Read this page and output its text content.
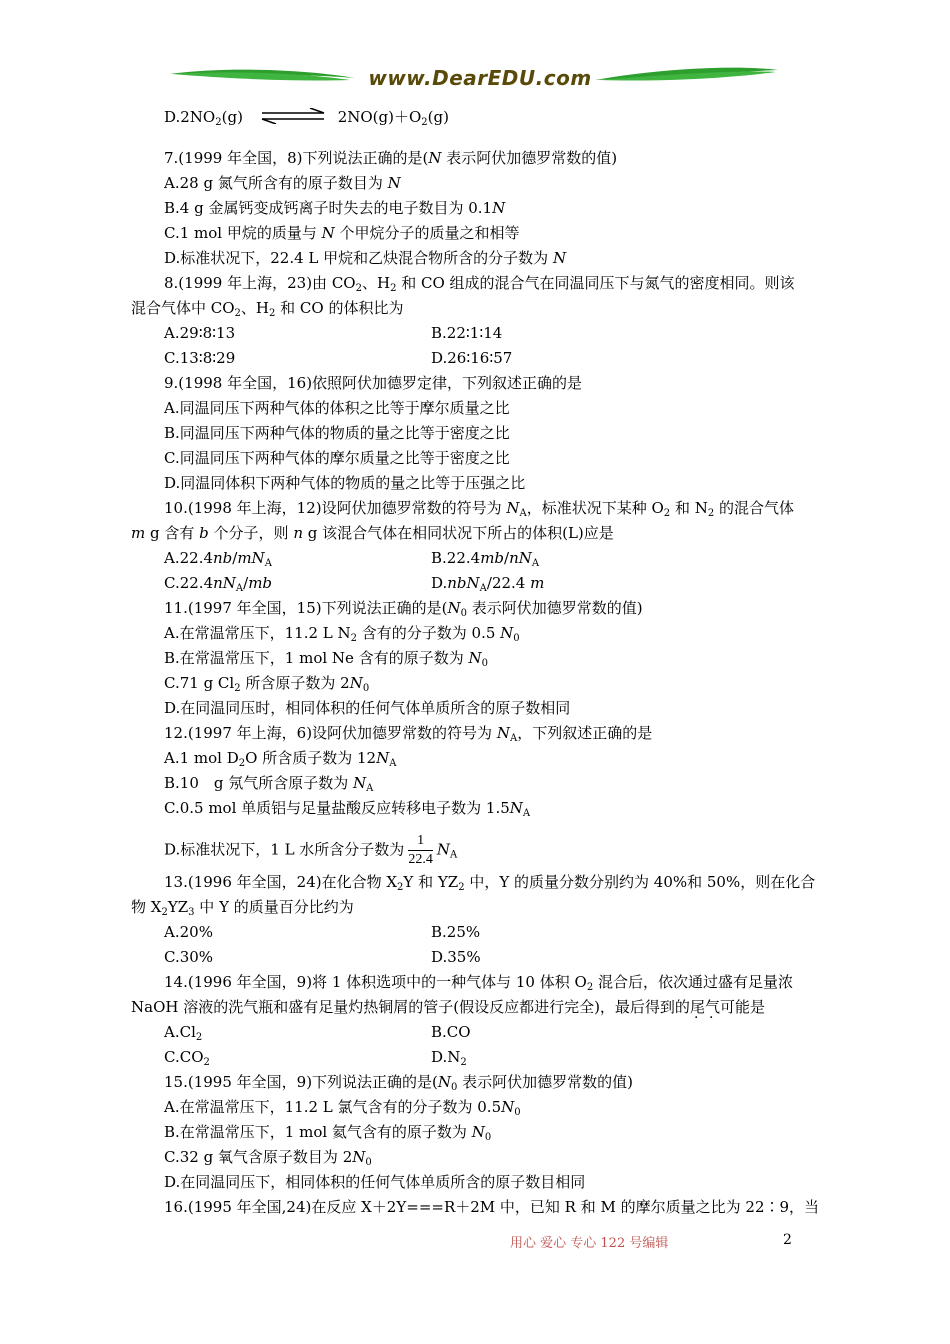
www.DearEDU.com
$D.2NO_2(g)$	$2NO(g)+O_2(g)$
7.(1999 年全国，8)下列说法正确的是(N 表示阿伏加德罗常数的值)
A.28 g 氮气所含有的原子数目为 N
B.4 g 金属钙变成钙离子时失去的电子数目为 0.1N
C.1 mol 甲烷的质量与 N 个甲烷分子的质量之和相等
D.标准状况下，22.4 L 甲烷和乙炔混合物所含的分子数为 N
8.(1999 年上海，23)由 $CO_2$、$H_2$ 和 CO 组成的混合气在同温同压下与氮气的密度相同。则该
混合气体中 $CO_2$、$H_2$ 和 CO 的体积比为
A.29∶8∶13	B.22∶1∶14
C.13∶8∶29	D.26∶16∶57
9.(1998 年全国，16)依照阿伏加德罗定律，下列叙述正确的是
A.同温同压下两种气体的体积之比等于摩尔质量之比
B.同温同压下两种气体的物质的量之比等于密度之比
C.同温同压下两种气体的摩尔质量之比等于密度之比
D.同温同体积下两种气体的物质的量之比等于压强之比
10.(1998 年上海，12)设阿伏加德罗常数的符号为 $N_A$，标准状况下某种 $O_2$ 和 $N_2$ 的混合气体
m g 含有 b 个分子，则 n g 该混合气体在相同状况下所占的体积(L)应是
$A.22.4nb/mN_A$	$B.22.4mb/nN_A$
$C.22.4nN_A/mb$	D.nbN$_A$/22.4 m
11.(1997 年全国，15)下列说法正确的是($N_0$ 表示阿伏加德罗常数的值)
A.在常温常压下，11.2 L $N_2$ 含有的分子数为 0.5 $N_0$
B.在常温常压下，1 mol Ne 含有的原子数为 $N_0$
C.71 g $Cl_2$ 所含原子数为 $2N_0$
D.在同温同压时，相同体积的任何气体单质所含的原子数相同
12.(1997 年上海，6)设阿伏加德罗常数的符号为 $N_A$，下列叙述正确的是
A.1 mol $D_2O$ 所含质子数为 $12N_A$
B.10　g 氖气所含原子数为 $N_A$
C.0.5 mol 单质铝与足量盐酸反应转移电子数为 $1.5N_A$
D.标准状况下，1 L 水所含分子数为 $\frac{1}{22.4} N_A$
13.(1996 年全国，24)在化合物 $X_2Y$ 和 $YZ_2$ 中，Y 的质量分数分别约为 40%和 50%，则在化合
物 $X_2YZ_3$ 中 Y 的质量百分比约为
A.20%	B.25%
C.30%	D.35%
14.(1996 年全国，9)将 1 体积选项中的一种气体与 10 体积 $O_2$ 混合后，依次通过盛有足量浓
NaOH 溶液的洗气瓶和盛有足量灼热铜屑的管子(假设反应都进行完全)，最后得到的尾气可能是
$A.Cl_2$	B.CO
$C.CO_2$	$D.N_2$
15.(1995 年全国，9)下列说法正确的是($N_0$ 表示阿伏加德罗常数的值)
A.在常温常压下，11.2 L 氯气含有的分子数为 $0.5N_0$
B.在常温常压下，1 mol 氦气含有的原子数为 $N_0$
C.32 g 氧气含原子数目为 $2N_0$
D.在同温同压下，相同体积的任何气体单质所含的原子数目相同
16.(1995 年全国,24)在反应 X＋2Y===R＋2M 中，已知 R 和 M 的摩尔质量之比为 22∶9，当
用心 爱心 专心 122 号编辑	2
